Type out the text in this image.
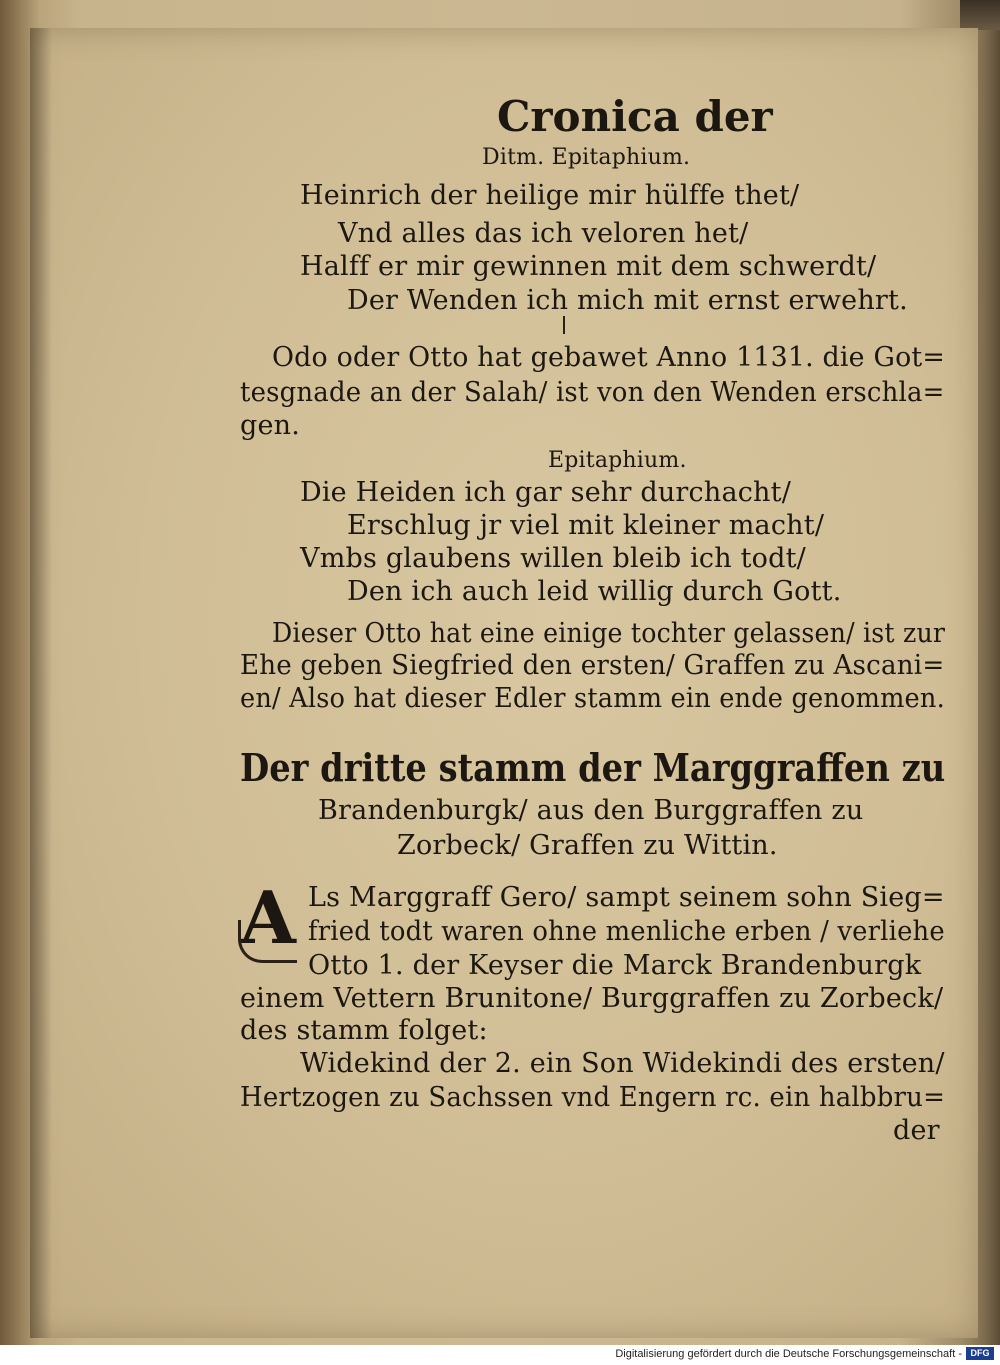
Cronica der
Ditm. Epitaphium.
Heinrich der heilige mir hülffe thet/
Vnd alles das ich veloren het/
Halff er mir gewinnen mit dem schwerdt/
Der Wenden ich mich mit ernst erwehrt.
Odo oder Otto hat gebawet Anno 1131. die Got=
tesgnade an der Salah/ ist von den Wenden erschla=
gen.
Epitaphium.
Die Heiden ich gar sehr durchacht/
Erschlug jr viel mit kleiner macht/
Vmbs glaubens willen bleib ich todt/
Den ich auch leid willig durch Gott.
Dieser Otto hat eine einige tochter gelassen/ ist zur
Ehe geben Siegfried den ersten/ Graffen zu Ascani=
en/ Also hat dieser Edler stamm ein ende genommen.
Der dritte stamm der Marggraffen zu
Brandenburgk/ aus den Burggraffen zu
Zorbeck/ Graffen zu Wittin.
A Ls Marggraff Gero/ sampt seinem sohn Sieg=
fried todt waren ohne menliche erben / verliehe
Otto 1. der Keyser die Marck Brandenburgk
einem Vettern Brunitone/ Burggraffen zu Zorbeck/
des stamm folget:
Widekind der 2. ein Son Widekindi des ersten/
Hertzogen zu Sachssen vnd Engern rc. ein halbbru=
der
Digitalisierung gefördert durch die Deutsche Forschungsgemeinschaft - DFG
